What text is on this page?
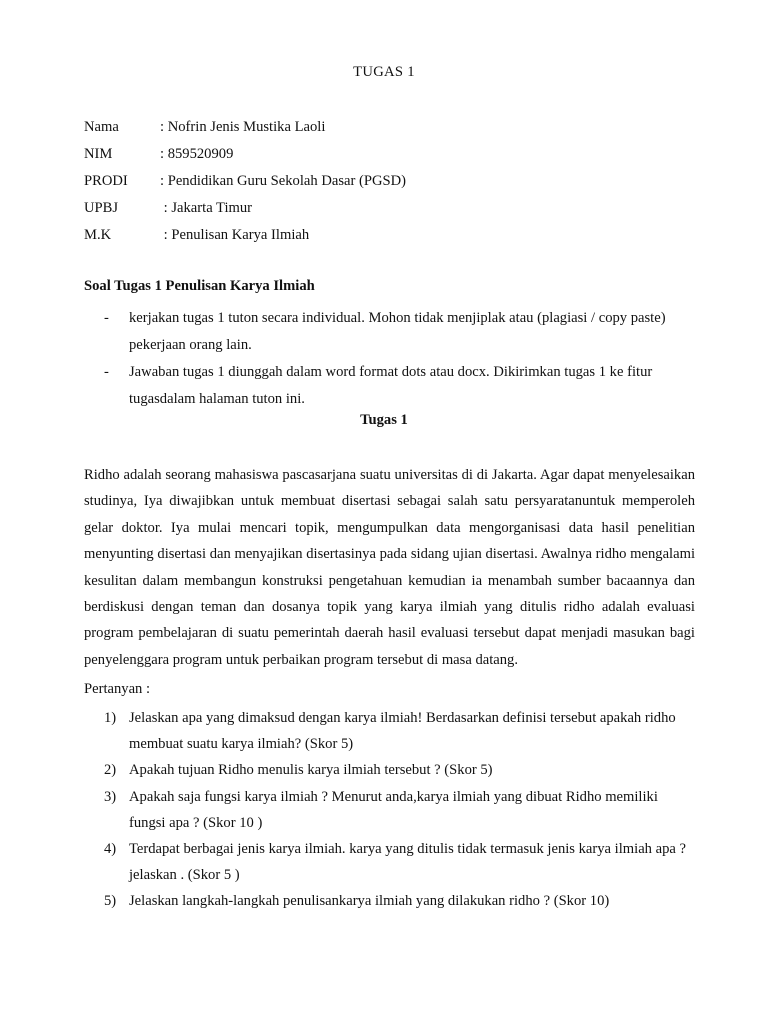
TUGAS 1
Nama	: Nofrin Jenis Mustika Laoli
NIM	: 859520909
PRODI : Pendidikan Guru Sekolah Dasar (PGSD)
UPBJ	: Jakarta Timur
M.K	: Penulisan Karya Ilmiah
Soal Tugas 1 Penulisan Karya Ilmiah
- kerjakan tugas 1 tuton secara individual. Mohon tidak menjiplak atau (plagiasi / copy paste) pekerjaan orang lain.
- Jawaban tugas 1 diunggah dalam word format dots atau docx. Dikirimkan tugas 1 ke fitur tugasdalam halaman tuton ini.
Tugas 1

Ridho adalah seorang mahasiswa pascasarjana suatu universitas di di Jakarta. Agar dapat menyelesaikan studinya, Iya diwajibkan untuk membuat disertasi sebagai salah satu persyaratanuntuk memperoleh gelar doktor. Iya mulai mencari topik, mengumpulkan data mengorganisasi data hasil penelitian menyunting disertasi dan menyajikan disertasinya pada sidang ujian disertasi. Awalnya ridho mengalami kesulitan dalam membangun konstruksi pengetahuan kemudian ia menambah sumber bacaannya dan berdiskusi dengan teman dan dosanya topik yang karya ilmiah yang ditulis ridho adalah evaluasi program pembelajaran di suatu pemerintah daerah hasil evaluasi tersebut dapat menjadi masukan bagi penyelenggara program untuk perbaikan program tersebut di masa datang.

Pertanyan :
1) Jelaskan apa yang dimaksud dengan karya ilmiah! Berdasarkan definisi tersebut apakah ridho membuat suatu karya ilmiah? (Skor 5)
2) Apakah tujuan Ridho menulis karya ilmiah tersebut ? (Skor 5)
3) Apakah saja fungsi karya ilmiah ? Menurut anda,karya ilmiah yang dibuat Ridho memiliki fungsi apa ? (Skor 10 )
4) Terdapat berbagai jenis karya ilmiah. karya yang ditulis tidak termasuk jenis karya ilmiah apa ? jelaskan . (Skor 5 )
5) Jelaskan langkah-langkah penulisankarya ilmiah yang dilakukan ridho ? (Skor 10)
